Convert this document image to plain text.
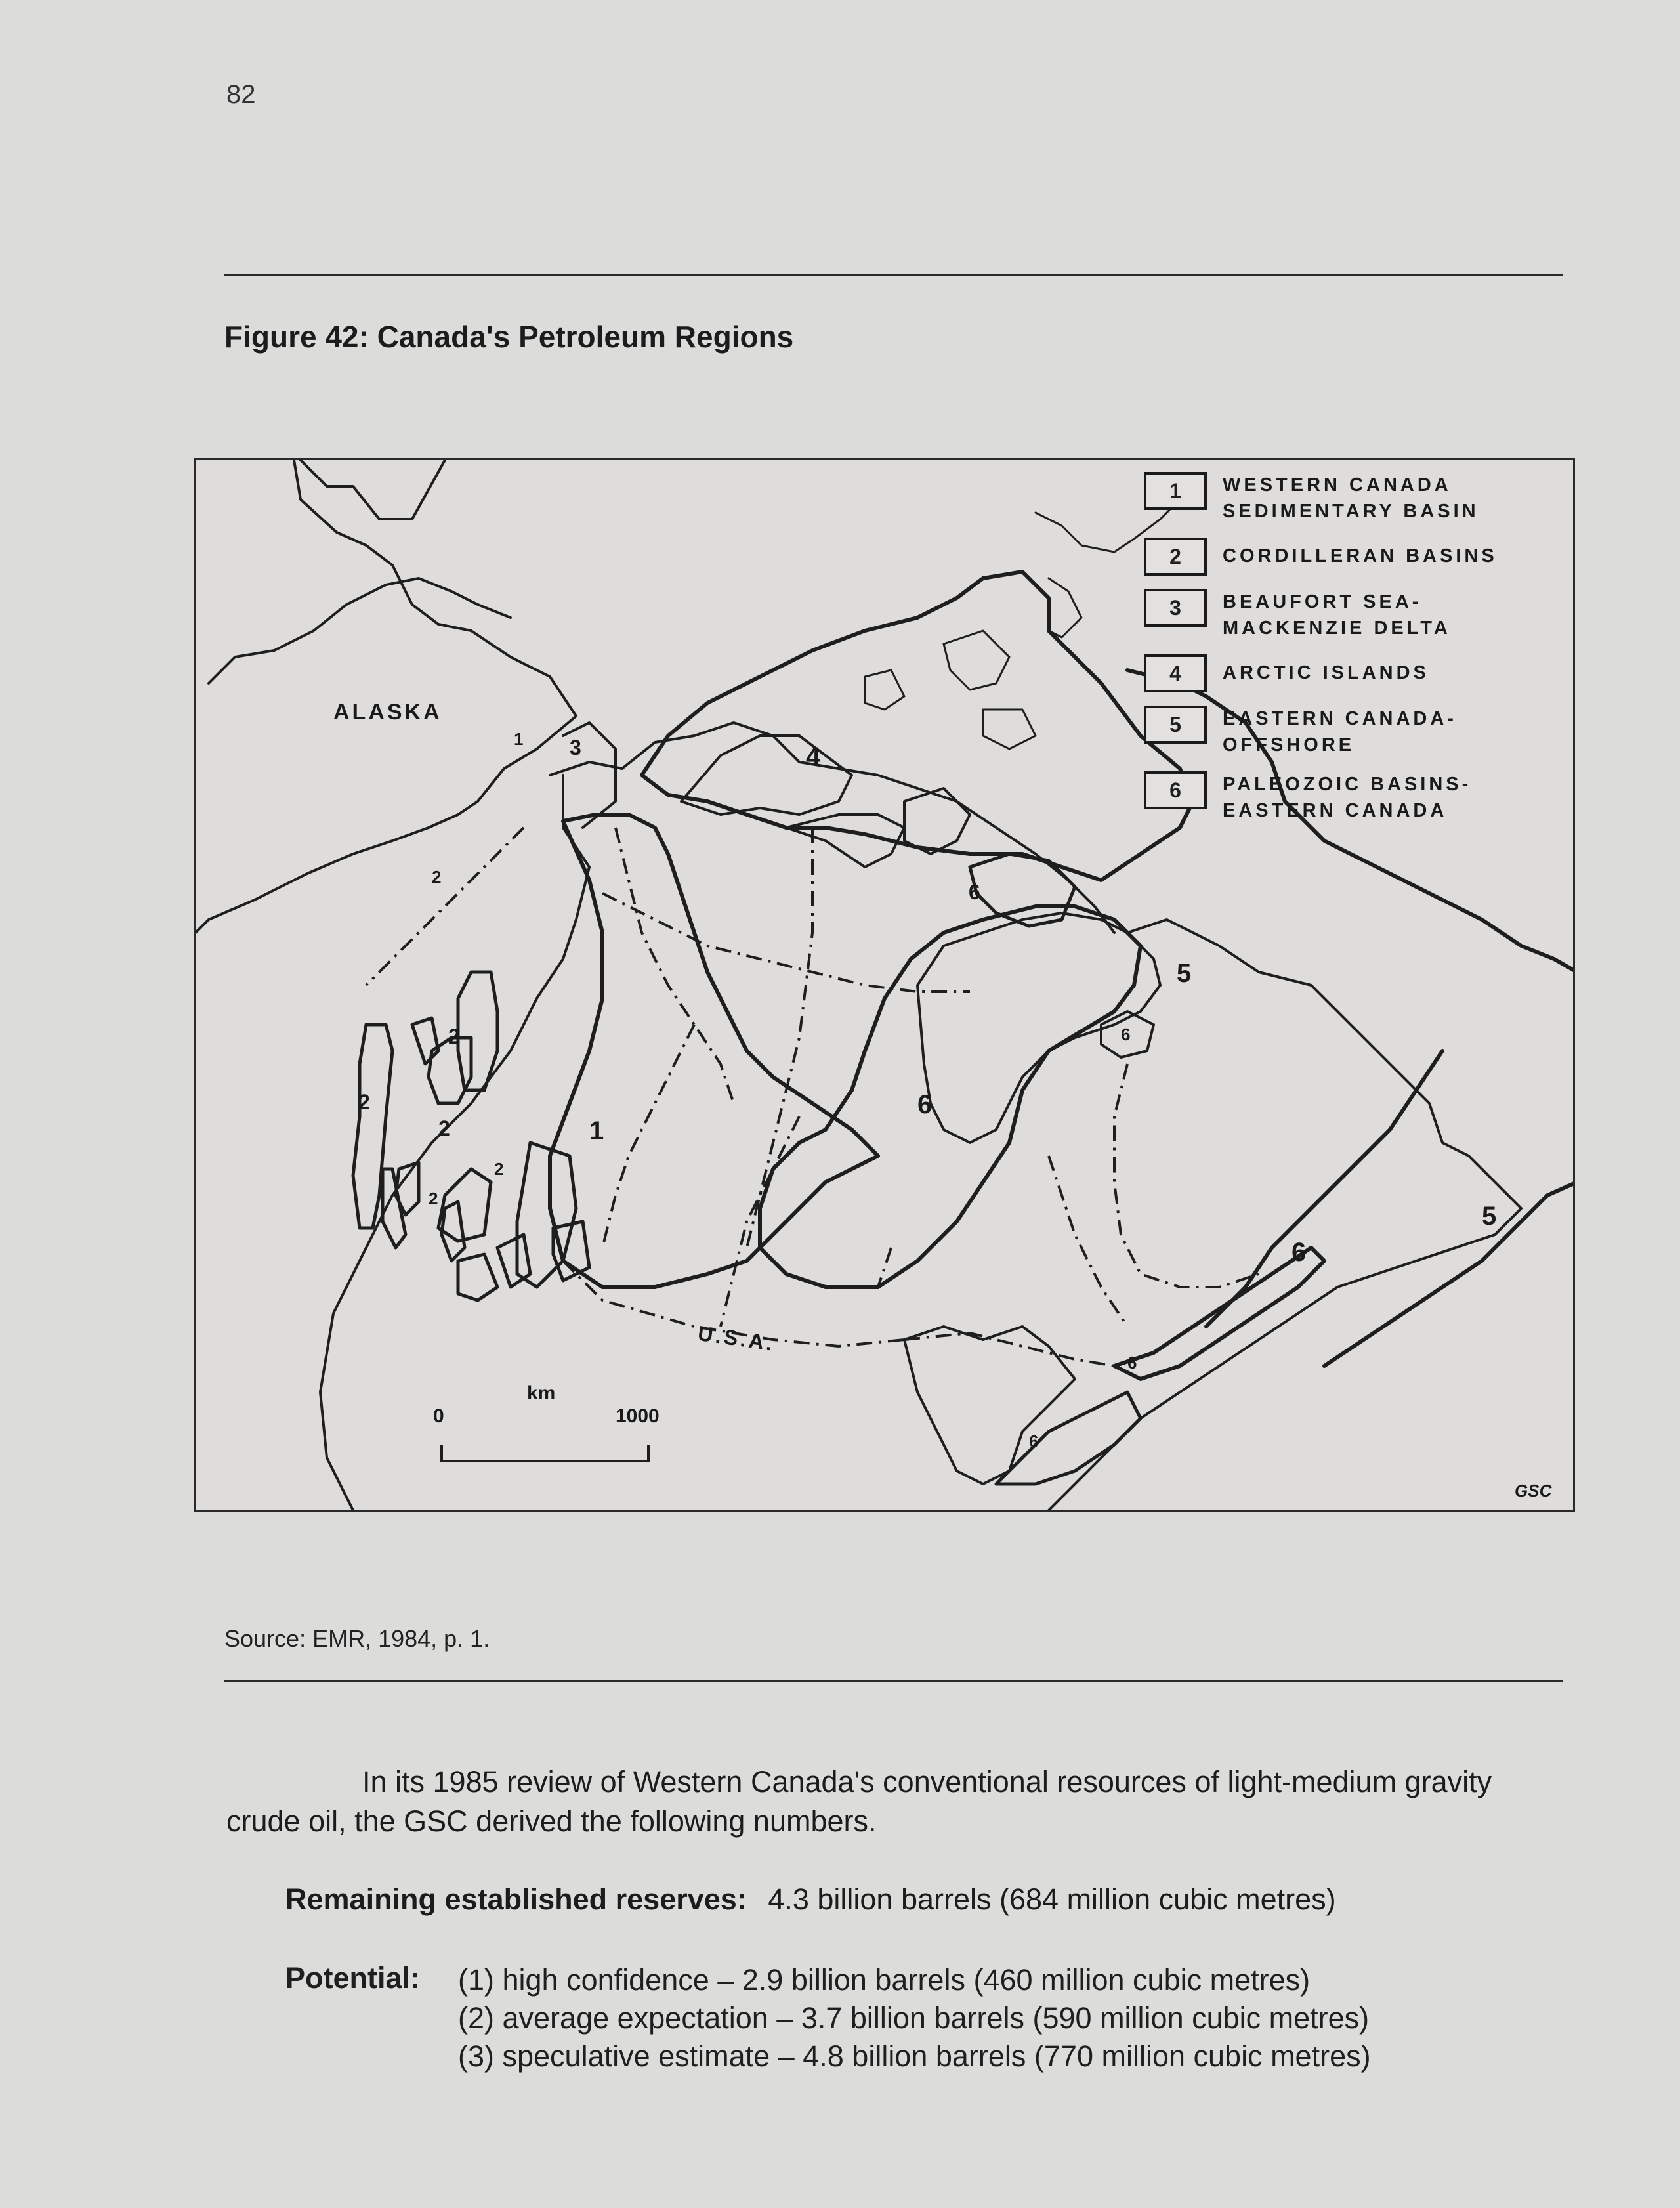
82
Figure 42: Canada's Petroleum Regions
1	WESTERN CANADA
SEDIMENTARY BASIN
2	CORDILLERAN BASINS
3	BEAUFORT SEA-
MACKENZIE DELTA
4	ARCTIC ISLANDS
5	EASTERN CANADA-
OFFSHORE
6	PALEOZOIC BASINS-
EASTERN CANADA
ALASKA
U.S.A.
1
1 3	4
5
5
6
6
6
6
6
6
2
2
2
2
2
2
GSC
km
0	1000
Source: EMR, 1984, p. 1.
In its 1985 review of Western Canada's conventional resources of light-medium gravity crude oil, the GSC derived the following numbers.
Remaining established reserves: 4.3 billion barrels (684 million cubic metres)
Potential: (1) high confidence – 2.9 billion barrels (460 million cubic metres)
(2) average expectation – 3.7 billion barrels (590 million cubic metres)
(3) speculative estimate – 4.8 billion barrels (770 million cubic metres)
